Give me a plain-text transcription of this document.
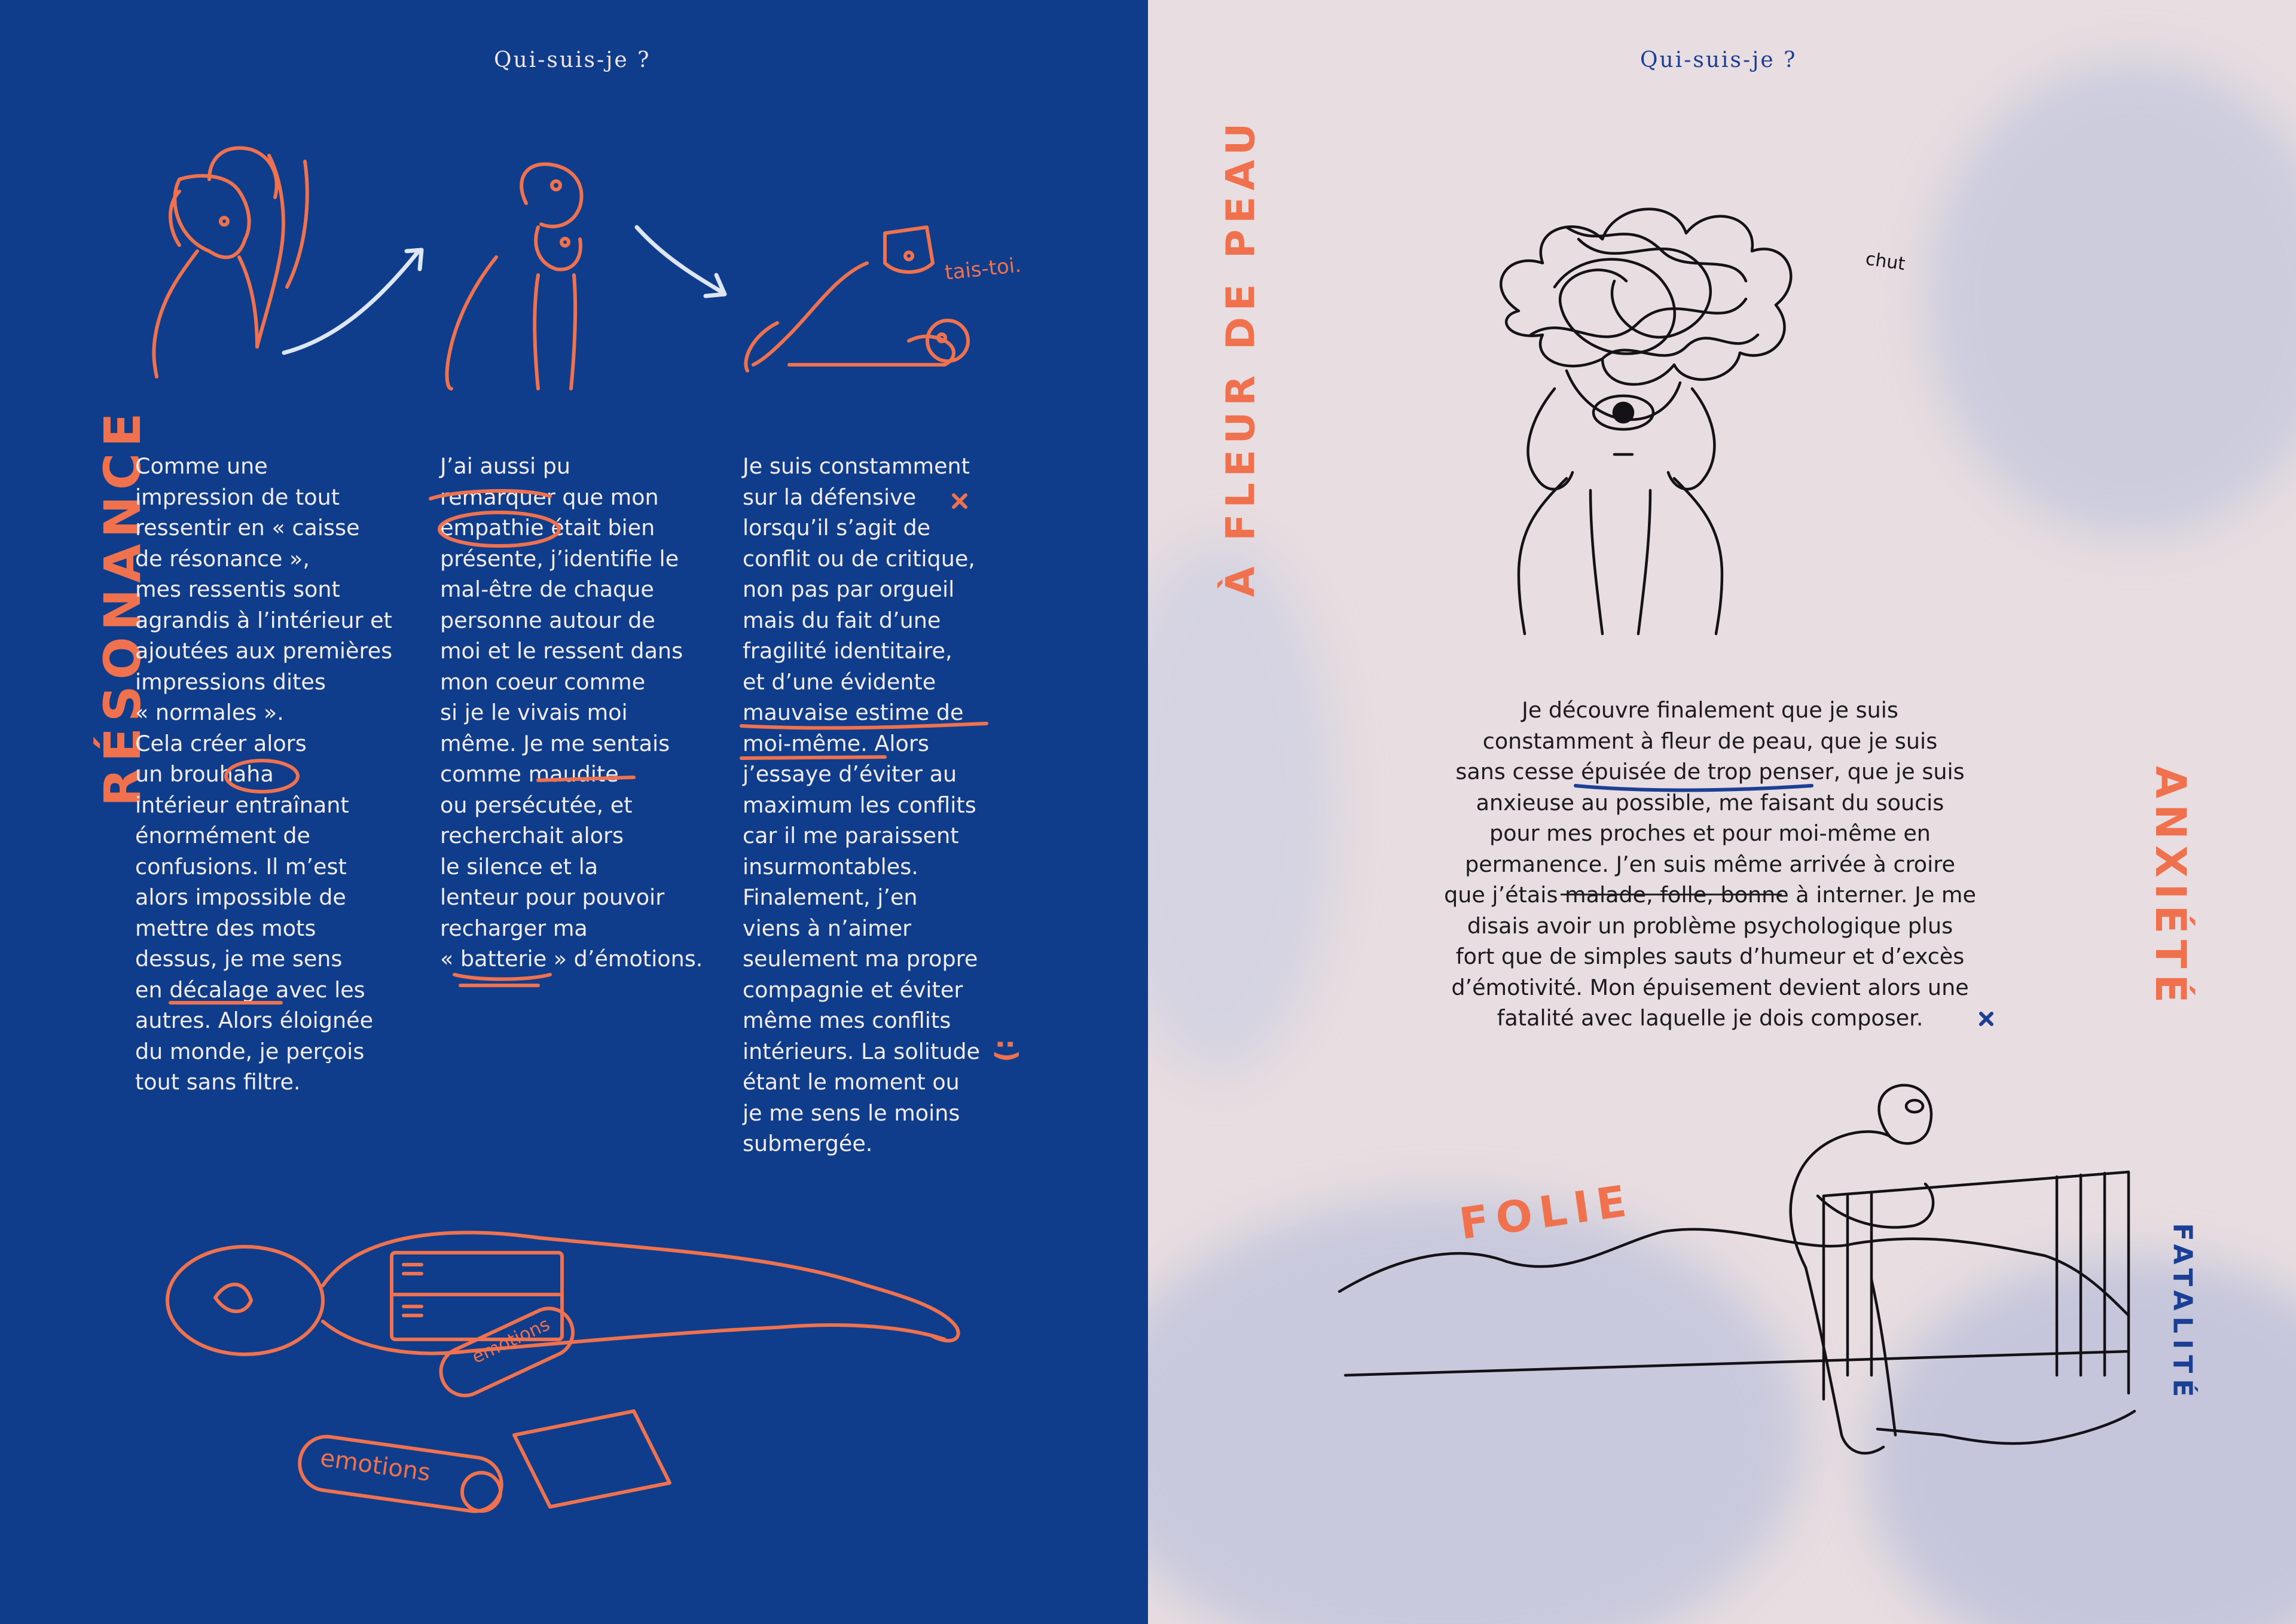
Qui-suis-je ?
tais-toi.
RÉSONANCE

Comme une

impression de tout

ressentir en « caisse

de résonance »,

mes ressentis sont

agrandis à l’intérieur et

ajoutées aux premières

impressions dites

« normales ».

Cela créer alors

un brouhaha

intérieur entraînant

énormément de

confusions. Il m’est

alors impossible de

mettre des mots

dessus, je me sens

en décalage avec les

autres. Alors éloignée

du monde, je perçois

tout sans filtre.

J’ai aussi pu

remarquer que mon

empathie était bien

présente, j’identifie le

mal-être de chaque

personne autour de

moi et le ressent dans

mon coeur comme

si je le vivais moi

même. Je me sentais

comme maudite

ou persécutée, et

recherchait alors

le silence et la

lenteur pour pouvoir

recharger ma

« batterie » d’émotions.

Je suis constamment

sur la défensive

lorsqu’il s’agit de

conflit ou de critique,

non pas par orgueil

mais du fait d’une

fragilité identitaire,

et d’une évidente

mauvaise estime de

moi-même. Alors

j’essaye d’éviter au

maximum les conflits

car il me paraissent

insurmontables.

Finalement, j’en

viens à n’aimer

seulement ma propre

compagnie et éviter

même mes conflits

intérieurs. La solitude

étant le moment ou

je me sens le moins

submergée.

:)
emotions
emotions
Qui-suis-je ?
À FLEUR DE PEAU
ANXIÉTÉ
chut

Je découvre finalement que je suis

constamment à fleur de peau, que je suis

sans cesse épuisée de trop penser, que je suis

anxieuse au possible, me faisant du soucis

pour mes proches et pour moi-même en

permanence. J’en suis même arrivée à croire

que j’étais malade, folle, bonne à interner. Je me

disais avoir un problème psychologique plus

fort que de simples sauts d’humeur et d’excès

d’émotivité. Mon épuisement devient alors une

fatalité avec laquelle je dois composer.

FOLIE
FATALITÉ
